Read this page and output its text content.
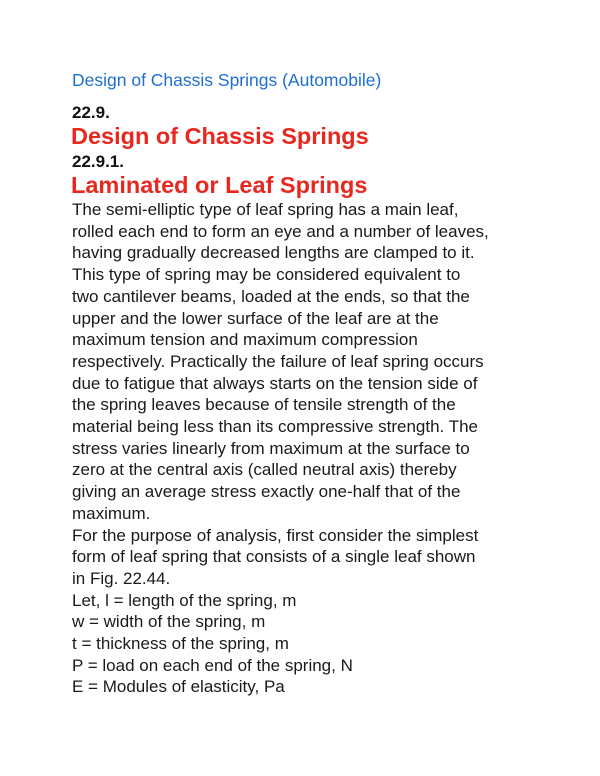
Design of Chassis Springs (Automobile)
22.9.
Design of Chassis Springs
22.9.1.
Laminated or Leaf Springs
The semi-elliptic type of leaf spring has a main leaf,
rolled each end to form an eye and a number of leaves,
having gradually decreased lengths are clamped to it.
This type of spring may be considered equivalent to
two cantilever beams, loaded at the ends, so that the
upper and the lower surface of the leaf are at the
maximum tension and maximum compression
respectively. Practically the failure of leaf spring occurs
due to fatigue that always starts on the tension side of
the spring leaves because of tensile strength of the
material being less than its compressive strength. The
stress varies linearly from maximum at the surface to
zero at the central axis (called neutral axis) thereby
giving an average stress exactly one-half that of the
maximum.
For the purpose of analysis, first consider the simplest
form of leaf spring that consists of a single leaf shown
in Fig. 22.44.
Let, l = length of the spring, m
w = width of the spring, m
t = thickness of the spring, m
P = load on each end of the spring, N
E = Modules of elasticity, Pa
